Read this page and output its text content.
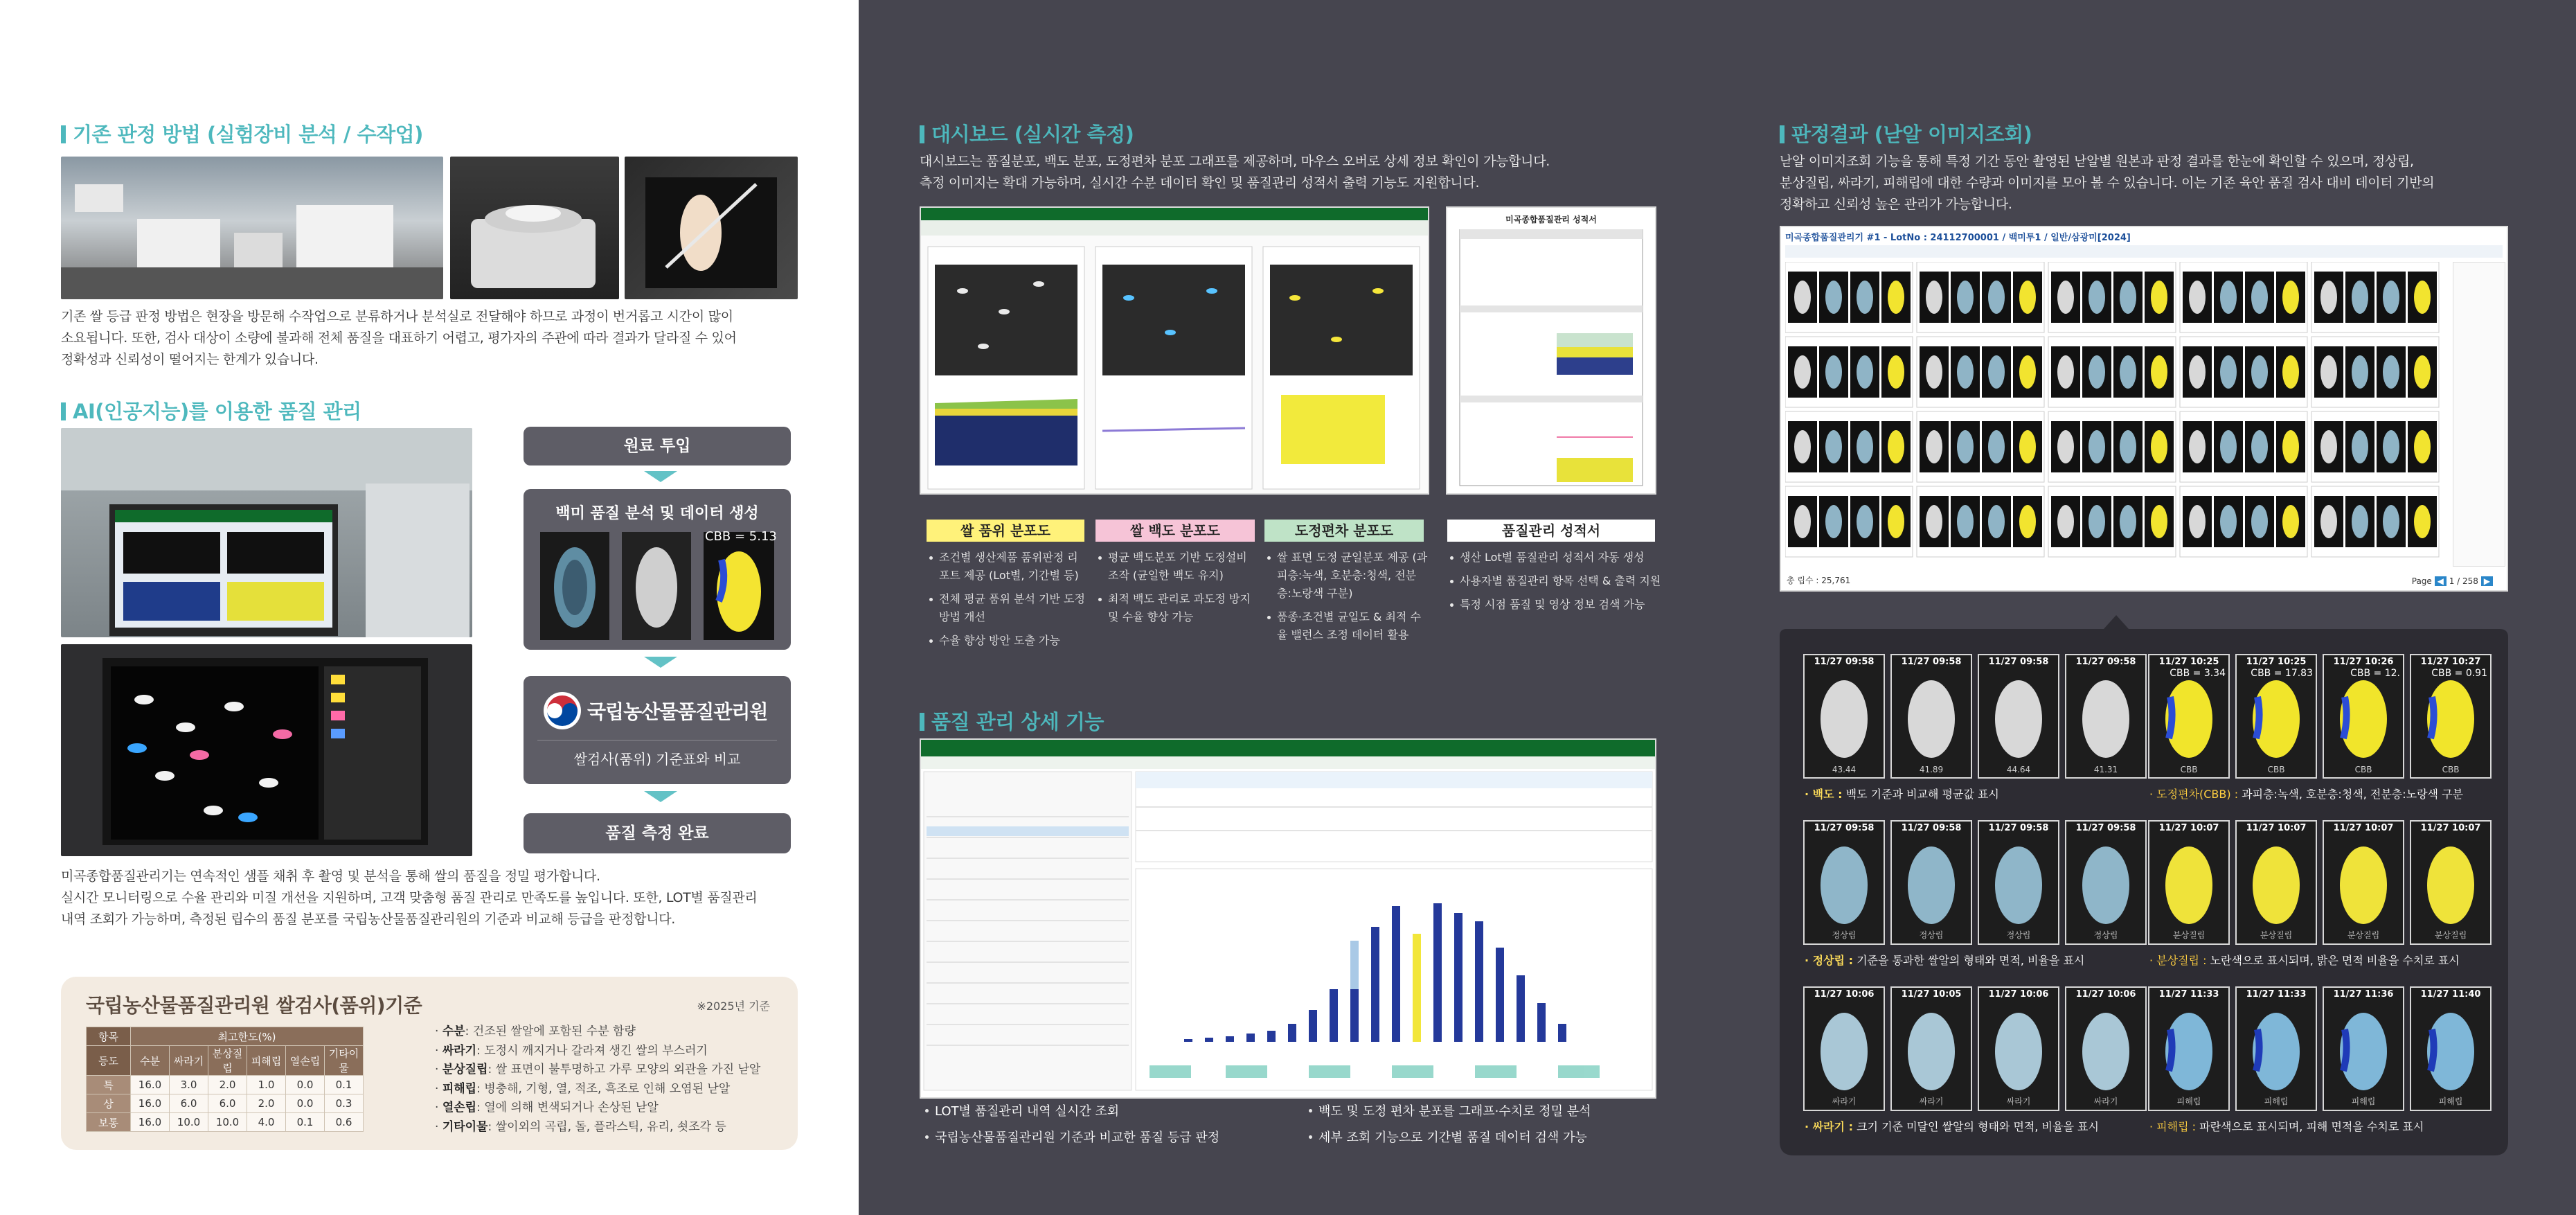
기존 판정 방법 (실험장비 분석 / 수작업)
기존 쌀 등급 판정 방법은 현장을 방문해 수작업으로 분류하거나 분석실로 전달해야 하므로 과정이 번거롭고 시간이 많이
소요됩니다. 또한, 검사 대상이 소량에 불과해 전체 품질을 대표하기 어렵고, 평가자의 주관에 따라 결과가 달라질 수 있어
정확성과 신뢰성이 떨어지는 한계가 있습니다.
AI(인공지능)를 이용한 품질 관리
원료 투입
백미 품질 분석 및 데이터 생성
CBB = 5.13
국립농산물품질관리원
쌀검사(품위) 기준표와 비교
품질 측정 완료
미곡종합품질관리기는 연속적인 샘플 채취 후 촬영 및 분석을 통해 쌀의 품질을 정밀 평가합니다.
실시간 모니터링으로 수율 관리와 미질 개선을 지원하며, 고객 맞춤형 품질 관리로 만족도를 높입니다. 또한, LOT별 품질관리
내역 조회가 가능하며, 측정된 립수의 품질 분포를 국립농산물품질관리원의 기준과 비교해 등급을 판정합니다.
국립농산물품질관리원 쌀검사(품위)기준	※2025년 기준
항목	최고한도(%)					
등도	수분	싸라기	분상질립	피해립	열손립	기타이물
특	16.0	3.0	2.0	1.0	0.0	0.1
상	16.0	6.0	6.0	2.0	0.0	0.3
보통	16.0	10.0	10.0	4.0	0.1	0.6
· 수분: 건조된 쌀알에 포함된 수분 함량
· 싸라기: 도정시 깨지거나 갈라져 생긴 쌀의 부스러기
· 분상질립: 쌀 표면이 불투명하고 가루 모양의 외관을 가진 낟알
· 피해립: 병충해, 기형, 열, 적조, 흑조로 인해 오염된 낟알
· 열손립: 열에 의해 변색되거나 손상된 낟알
· 기타이물: 쌀이외의 곡립, 돌, 플라스틱, 유리, 쇳조각 등
대시보드 (실시간 측정)
대시보드는 품질분포, 백도 분포, 도정편차 분포 그래프를 제공하며, 마우스 오버로 상세 정보 확인이 가능합니다.
측정 이미지는 확대 가능하며, 실시간 수분 데이터 확인 및 품질관리 성적서 출력 기능도 지원합니다.
미곡종합품질관리 성적서
쌀 품위 분포도	쌀 백도 분포도	도정편차 분포도	품질관리 성적서
조건별 생산제품 품위판정 리포트 제공 (Lot별, 기간별 등)
전체 평균 품위 분석 기반 도정방법 개선
수율 향상 방안 도출 가능
평균 백도분포 기반 도정설비 조작 (균일한 백도 유지)
최적 백도 관리로 과도정 방지 및 수율 향상 가능
쌀 표면 도정 균일분포 제공 (과피층:녹색, 호분층:청색, 전분층:노랑색 구분)
품종·조건별 균일도 & 최적 수율 밸런스 조정 데이터 활용
생산 Lot별 품질관리 성적서 자동 생성
사용자별 품질관리 항목 선택 & 출력 지원
특정 시점 품질 및 영상 정보 검색 가능
품질 관리 상세 기능
LOT별 품질관리 내역 실시간 조회
국립농산물품질관리원 기준과 비교한 품질 등급 판정
백도 및 도정 편차 분포를 그래프·수치로 정밀 분석
세부 조회 기능으로 기간별 품질 데이터 검색 가능
판정결과 (낟알 이미지조회)
낟알 이미지조회 기능을 통해 특정 기간 동안 촬영된 낟알별 원본과 판정 결과를 한눈에 확인할 수 있으며, 정상립,
분상질립, 싸라기, 피해립에 대한 수량과 이미지를 모아 볼 수 있습니다. 이는 기존 육안 품질 검사 대비 데이터 기반의
정확하고 신뢰성 높은 관리가 가능합니다.
미곡종합품질관리기 #1 - LotNo : 24112700001 / 백미투1 / 일반/삼광미[2024]
총 립수 : 25,761	Page ◀ 1 / 258 ▶
11/27 09:58
43.44
11/27 09:58
41.89
11/27 09:58
44.64
11/27 09:58
41.31
11/27 10:25
CBB = 3.34
CBB
11/27 10:25
CBB = 17.83
CBB
11/27 10:26
CBB = 12.
CBB
11/27 10:27
CBB = 0.91
CBB
· 백도 : 백도 기준과 비교해 평균값 표시	· 도정편차(CBB) : 과피층:녹색, 호분층:청색, 전분층:노랑색 구분
11/27 09:58
정상립
11/27 09:58
정상립
11/27 09:58
정상립
11/27 09:58
정상립
11/27 10:07
분상질립
11/27 10:07
분상질립
11/27 10:07
분상질립
11/27 10:07
분상질립
· 정상립 : 기준을 통과한 쌀알의 형태와 면적, 비율을 표시	· 분상질립 : 노란색으로 표시되며, 밝은 면적 비율을 수치로 표시
11/27 10:06
싸라기
11/27 10:05
싸라기
11/27 10:06
싸라기
11/27 10:06
싸라기
11/27 11:33
피해립
11/27 11:33
피해립
11/27 11:36
피해립
11/27 11:40
피해립
· 싸라기 : 크기 기준 미달인 쌀알의 형태와 면적, 비율을 표시	· 피해립 : 파란색으로 표시되며, 피해 면적을 수치로 표시
